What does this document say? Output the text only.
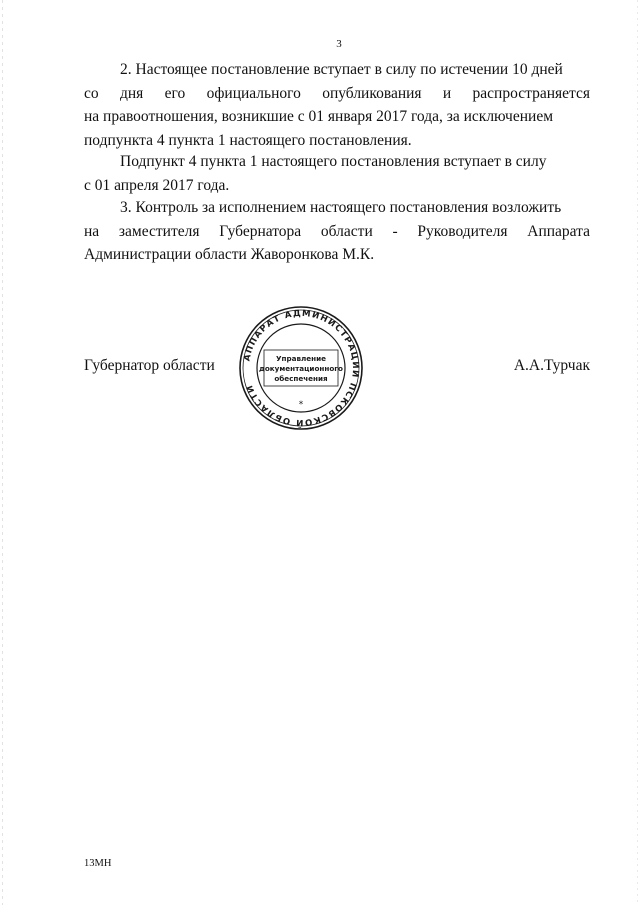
3
2. Настоящее постановление вступает в силу по истечении 10 дней
со дня его официального опубликования и распространяется
на правоотношения, возникшие с 01 января 2017 года, за исключением
подпункта 4 пункта 1 настоящего постановления.
Подпункт 4 пункта 1 настоящего постановления вступает в силу
с 01 апреля 2017 года.
3. Контроль за исполнением настоящего постановления возложить
на заместителя Губернатора области - Руководителя Аппарата
Администрации области Жаворонкова М.К.
Губернатор области	АППАРАТ АДМИНИСТРАЦИИ ПСКОВСКОЙ ОБЛАСТИ
Управление
документационного
обеспечения
*
А.А.Турчак
13МН
